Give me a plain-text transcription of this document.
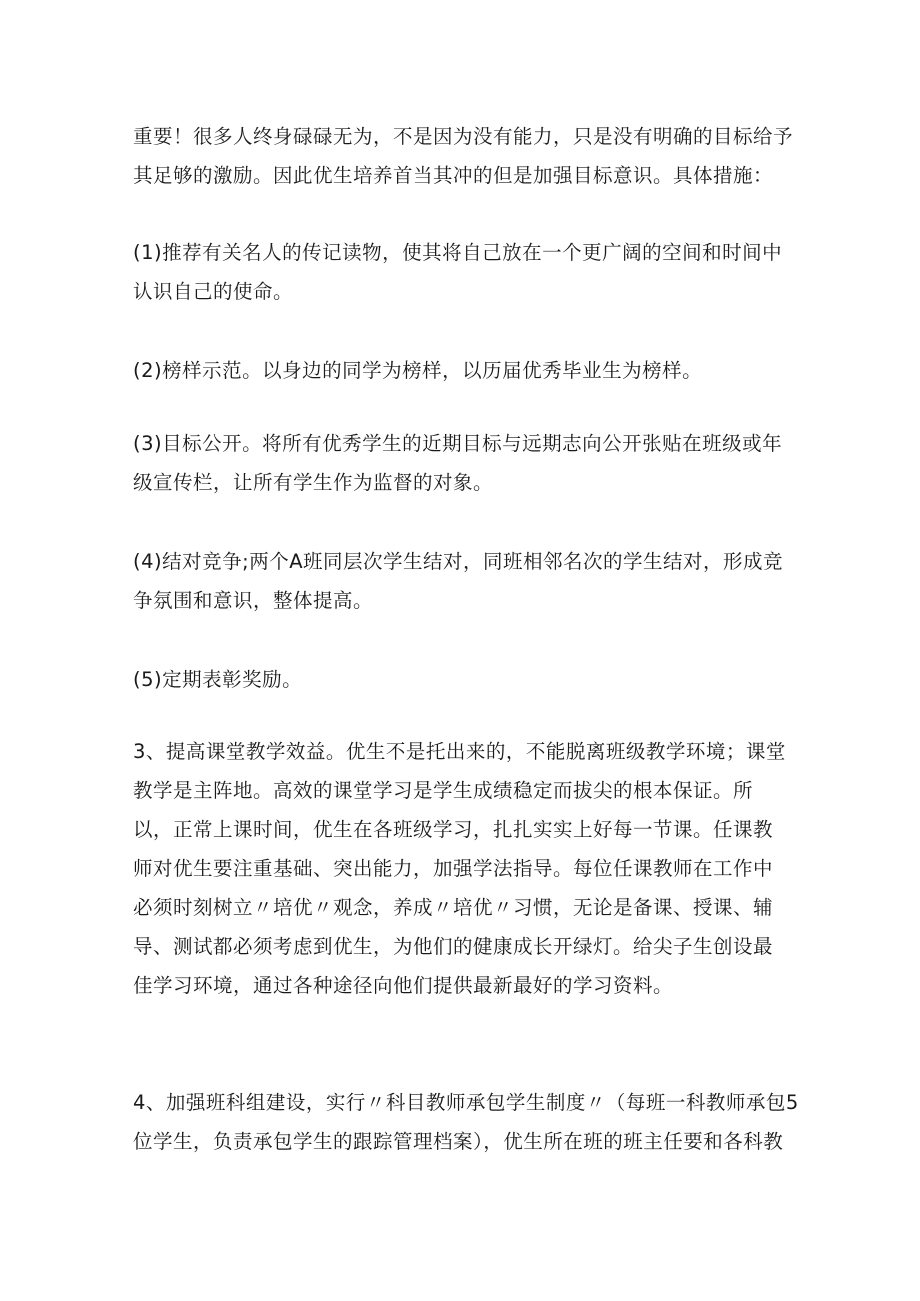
重要！很多人终身碌碌无为，不是因为没有能力，只是没有明确的目标给予
其足够的激励。因此优生培养首当其冲的但是加强目标意识。具体措施：

(1)推荐有关名人的传记读物，使其将自己放在一个更广阔的空间和时间中
认识自己的使命。

(2)榜样示范。以身边的同学为榜样，以历届优秀毕业生为榜样。

(3)目标公开。将所有优秀学生的近期目标与远期志向公开张贴在班级或年
级宣传栏，让所有学生作为监督的对象。

(4)结对竞争;两个A班同层次学生结对，同班相邻名次的学生结对，形成竞
争氛围和意识，整体提高。

(5)定期表彰奖励。

3、提高课堂教学效益。优生不是托出来的，不能脱离班级教学环境；课堂
教学是主阵地。高效的课堂学习是学生成绩稳定而拔尖的根本保证。所
以，正常上课时间，优生在各班级学习，扎扎实实上好每一节课。任课教
师对优生要注重基础、突出能力，加强学法指导。每位任课教师在工作中
必须时刻树立〃培优〃观念，养成〃培优〃习惯，无论是备课、授课、辅
导、测试都必须考虑到优生，为他们的健康成长开绿灯。给尖子生创设最
佳学习环境，通过各种途径向他们提供最新最好的学习资料。

4、加强班科组建设，实行〃科目教师承包学生制度〃（每班一科教师承包5
位学生，负责承包学生的跟踪管理档案），优生所在班的班主任要和各科教
